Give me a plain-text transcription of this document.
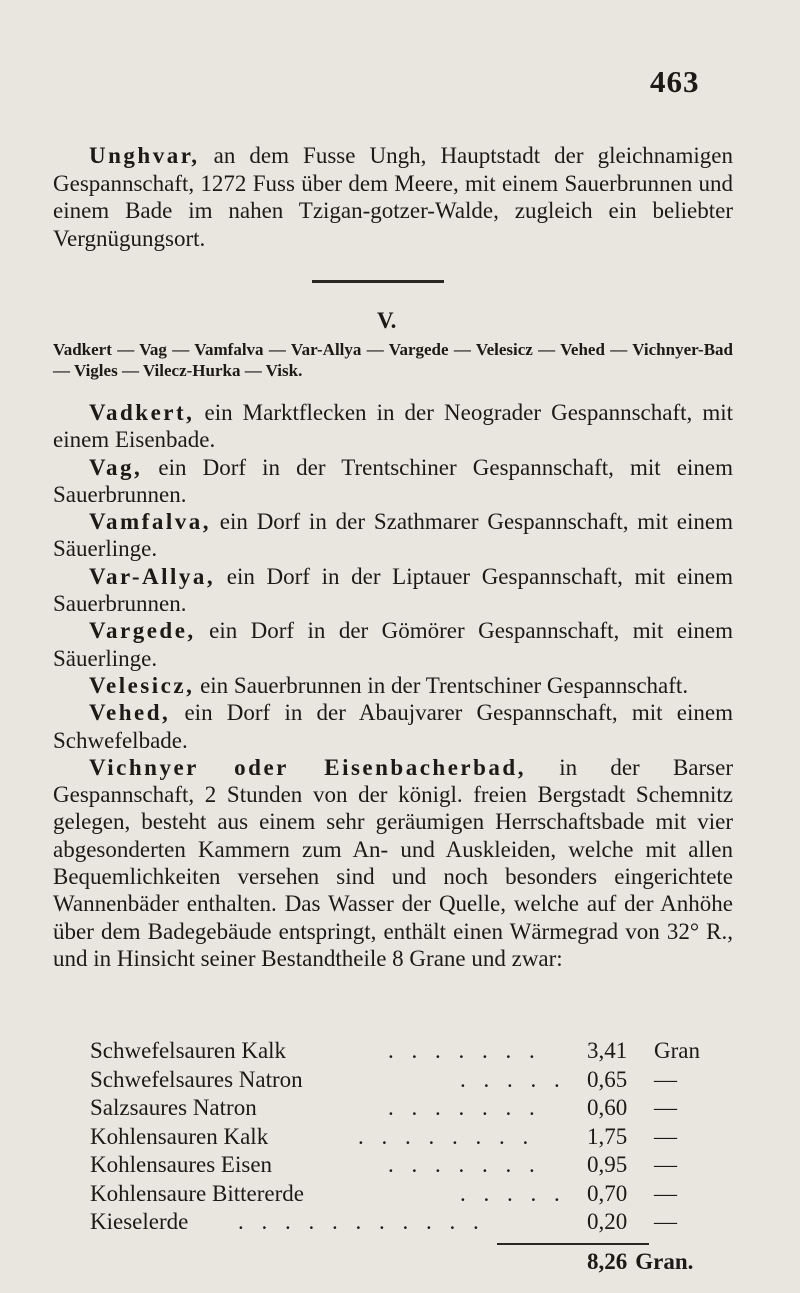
463

Unghvar, an dem Fusse Ungh, Hauptstadt der gleichnamigen Gespannschaft, 1272 Fuss über dem Meere, mit einem Sauerbrunnen und einem Bade im nahen Tzigan-gotzer-Walde, zugleich ein beliebter Vergnügungsort.

V.

Vadkert — Vag — Vamfalva — Var-Allya — Vargede — Velesicz — Vehed — Vichnyer-Bad — Vigles — Vilecz-Hurka — Visk.

Vadkert, ein Marktflecken in der Neograder Gespannschaft, mit einem Eisenbade.

Vag, ein Dorf in der Trentschiner Gespannschaft, mit einem Sauerbrunnen.

Vamfalva, ein Dorf in der Szathmarer Gespannschaft, mit einem Säuerlinge.

Var-Allya, ein Dorf in der Liptauer Gespannschaft, mit einem Sauerbrunnen.

Vargede, ein Dorf in der Gömörer Gespannschaft, mit einem Säuerlinge.

Velesicz, ein Sauerbrunnen in der Trentschiner Gespannschaft.

Vehed, ein Dorf in der Abaujvarer Gespannschaft, mit einem Schwefelbade.

Vichnyer oder Eisenbacherbad, in der Barser Gespannschaft, 2 Stunden von der königl. freien Bergstadt Schemnitz gelegen, besteht aus einem sehr geräumigen Herrschaftsbade mit vier abgesonderten Kammern zum An- und Auskleiden, welche mit allen Bequemlichkeiten versehen sind und noch besonders eingerichtete Wannenbäder enthalten. Das Wasser der Quelle, welche auf der Anhöhe über dem Badegebäude entspringt, enthält einen Wärmegrad von 32° R., und in Hinsicht seiner Bestandtheile 8 Grane und zwar:

Schwefelsauren Kalk	. . . . . . . 3,41 Gran
Schwefelsaures Natron	. . . . . 0,65 —
Salzsaures Natron	. . . . . . . 0,60 —
Kohlensauren Kalk	. . . . . . . . 1,75 —
Kohlensaures Eisen	. . . . . . . 0,95 —
Kohlensaure Bittererde	. . . . . 0,70 —
Kieselerde . . . . . . . . . . .	0,20 —
8,26 Gran.
